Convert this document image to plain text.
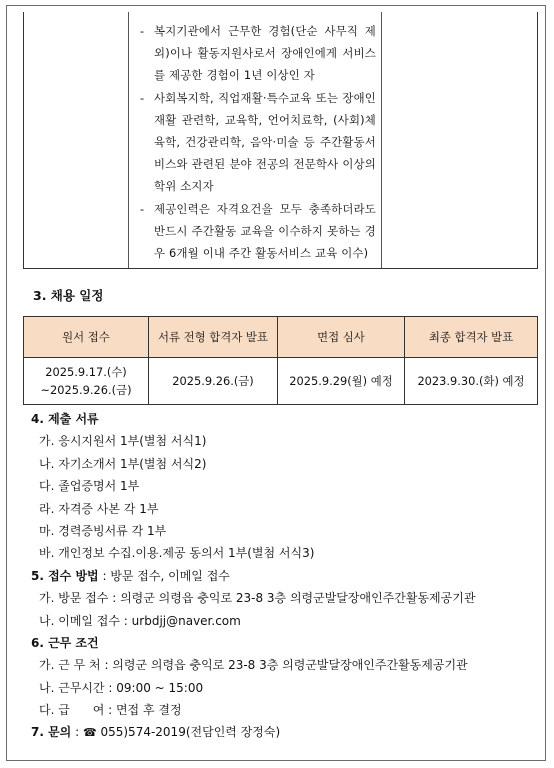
- 복지기관에서 근무한 경험(단순 사무직 제외)이나 활동지원사로서 장애인에게 서비스를 제공한 경험이 1년 이상인 자
- 사회복지학, 직업재활·특수교육 또는 장애인재활 관련학, 교육학, 언어치료학, (사회)체육학, 건강관리학, 음악·미술 등 주간활동서비스와 관련된 분야 전공의 전문학사 이상의 학위 소지자
- 제공인력은 자격요건을 모두 충족하더라도 반드시 주간활동 교육을 이수하지 못하는 경우 6개월 이내 주간 활동서비스 교육 이수)
3. 채용 일정
원서 접수	서류 전형 합격자 발표	면접 심사	최종 합격자 발표

2025.9.17.(수)
~2025.9.26.(금)	2025.9.26.(금)	2025.9.29(월) 예정	2023.9.30.(화) 예정
4. 제출 서류
가. 응시지원서 1부(별첨 서식1)
나. 자기소개서 1부(별첨 서식2)
다. 졸업증명서 1부
라. 자격증 사본 각 1부
마. 경력증빙서류 각 1부
바. 개인정보 수집.이용.제공 동의서 1부(별첨 서식3)
5. 접수 방법 : 방문 접수, 이메일 접수
가. 방문 접수 : 의령군 의령읍 충익로 23-8 3층 의령군발달장애인주간활동제공기관
나. 이메일 접수 : urbdjj@naver.com
6. 근무 조건
가. 근 무 처 : 의령군 의령읍 충익로 23-8 3층 의령군발달장애인주간활동제공기관
나. 근무시간 : 09:00 ~ 15:00
다. 급      여 : 면접 후 결정
7. 문의 : ☎ 055)574-2019(전담인력 장정숙)
